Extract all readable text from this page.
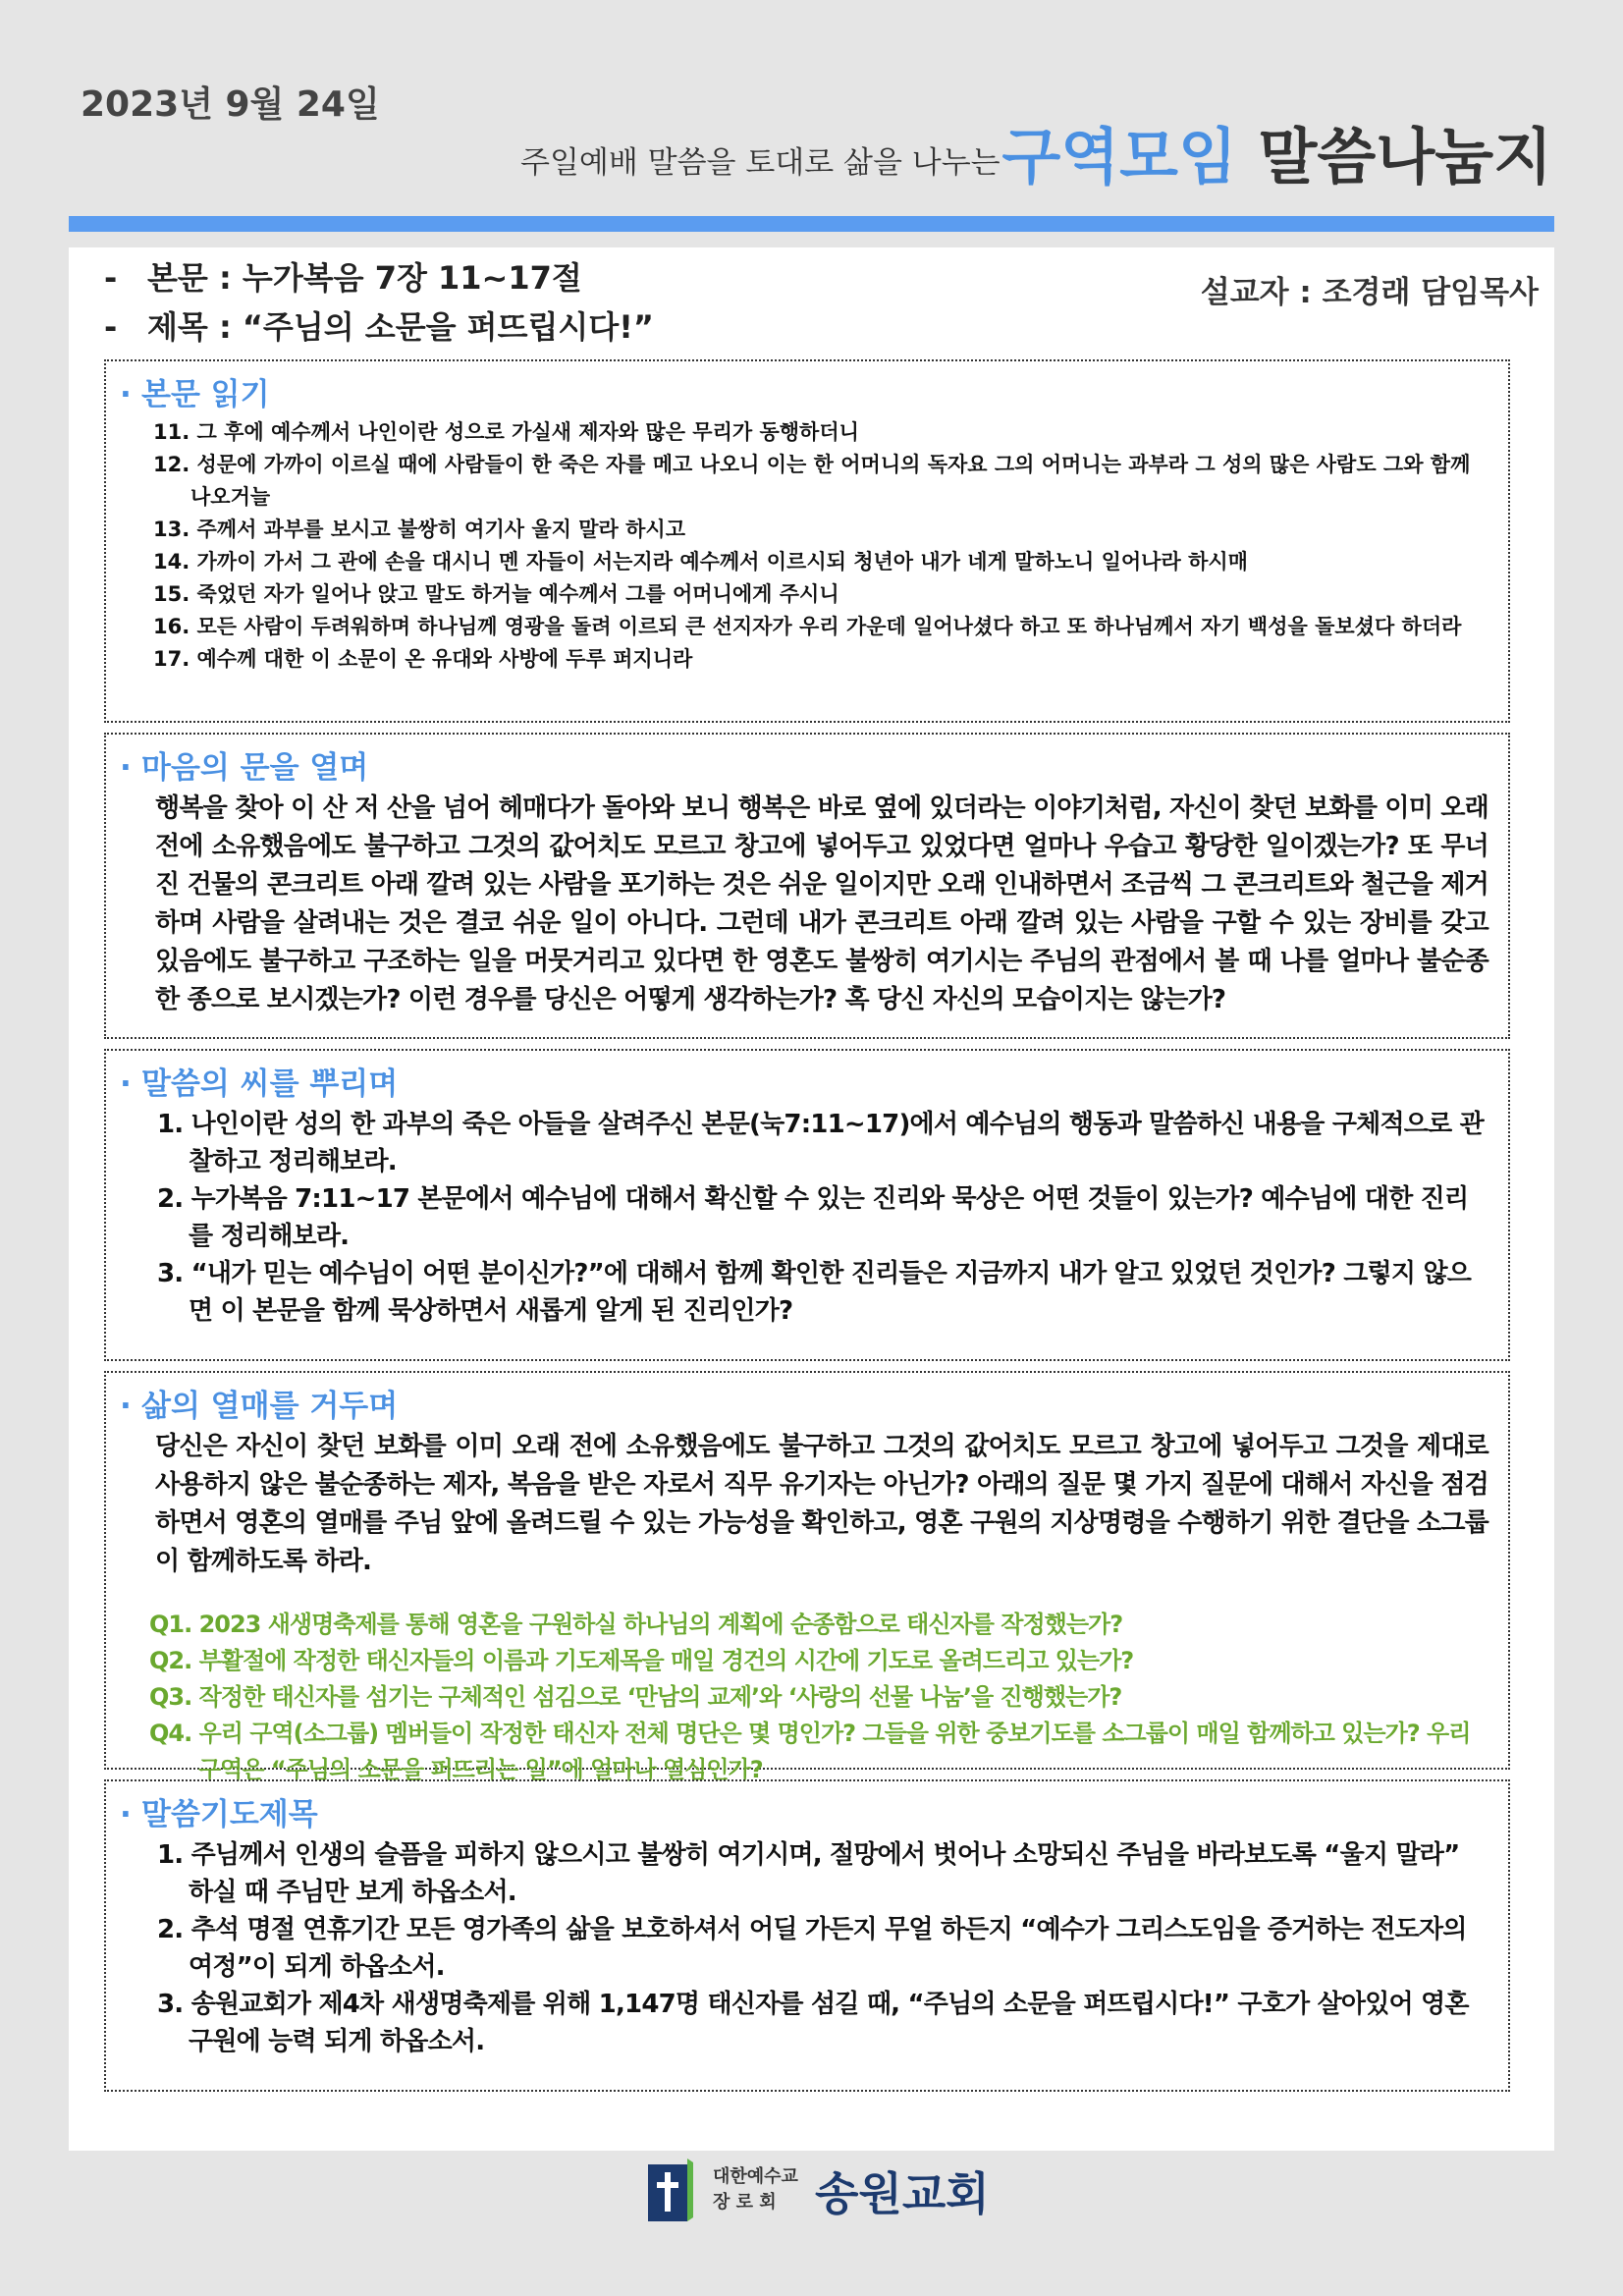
2023년 9월 24일
주일예배 말씀을 토대로 삶을 나누는 구역모임 말씀나눔지
- 본문 : 누가복음 7장 11~17절
- 제목 : “주님의 소문을 퍼뜨립시다!”
설교자 : 조경래 담임목사
· 본문 읽기
11. 그 후에 예수께서 나인이란 성으로 가실새 제자와 많은 무리가 동행하더니
12. 성문에 가까이 이르실 때에 사람들이 한 죽은 자를 메고 나오니 이는 한 어머니의 독자요 그의 어머니는 과부라 그 성의 많은 사람도 그와 함께 나오거늘
13. 주께서 과부를 보시고 불쌍히 여기사 울지 말라 하시고
14. 가까이 가서 그 관에 손을 대시니 멘 자들이 서는지라 예수께서 이르시되 청년아 내가 네게 말하노니 일어나라 하시매
15. 죽었던 자가 일어나 앉고 말도 하거늘 예수께서 그를 어머니에게 주시니
16. 모든 사람이 두려워하며 하나님께 영광을 돌려 이르되 큰 선지자가 우리 가운데 일어나셨다 하고 또 하나님께서 자기 백성을 돌보셨다 하더라
17. 예수께 대한 이 소문이 온 유대와 사방에 두루 퍼지니라
· 마음의 문을 열며
행복을 찾아 이 산 저 산을 넘어 헤매다가 돌아와 보니 행복은 바로 옆에 있더라는 이야기처럼, 자신이 찾던 보화를 이미 오래 전에 소유했음에도 불구하고 그것의 값어치도 모르고 창고에 넣어두고 있었다면 얼마나 우습고 황당한 일이겠는가? 또 무너진 건물의 콘크리트 아래 깔려 있는 사람을 포기하는 것은 쉬운 일이지만 오래 인내하면서 조금씩 그 콘크리트와 철근을 제거하며 사람을 살려내는 것은 결코 쉬운 일이 아니다. 그런데 내가 콘크리트 아래 깔려 있는 사람을 구할 수 있는 장비를 갖고 있음에도 불구하고 구조하는 일을 머뭇거리고 있다면 한 영혼도 불쌍히 여기시는 주님의 관점에서 볼 때 나를 얼마나 불순종한 종으로 보시겠는가? 이런 경우를 당신은 어떻게 생각하는가? 혹 당신 자신의 모습이지는 않는가?
· 말씀의 씨를 뿌리며
1. 나인이란 성의 한 과부의 죽은 아들을 살려주신 본문(눅7:11~17)에서 예수님의 행동과 말씀하신 내용을 구체적으로 관찰하고 정리해보라.
2. 누가복음 7:11~17 본문에서 예수님에 대해서 확신할 수 있는 진리와 묵상은 어떤 것들이 있는가? 예수님에 대한 진리를 정리해보라.
3. “내가 믿는 예수님이 어떤 분이신가?”에 대해서 함께 확인한 진리들은 지금까지 내가 알고 있었던 것인가? 그렇지 않으면 이 본문을 함께 묵상하면서 새롭게 알게 된 진리인가?
· 삶의 열매를 거두며
당신은 자신이 찾던 보화를 이미 오래 전에 소유했음에도 불구하고 그것의 값어치도 모르고 창고에 넣어두고 그것을 제대로 사용하지 않은 불순종하는 제자, 복음을 받은 자로서 직무 유기자는 아닌가? 아래의 질문 몇 가지 질문에 대해서 자신을 점검하면서 영혼의 열매를 주님 앞에 올려드릴 수 있는 가능성을 확인하고, 영혼 구원의 지상명령을 수행하기 위한 결단을 소그룹이 함께하도록 하라.
Q1. 2023 새생명축제를 통해 영혼을 구원하실 하나님의 계획에 순종함으로 태신자를 작정했는가?
Q2. 부활절에 작정한 태신자들의 이름과 기도제목을 매일 경건의 시간에 기도로 올려드리고 있는가?
Q3. 작정한 태신자를 섬기는 구체적인 섬김으로 ‘만남의 교제’와 ‘사랑의 선물 나눔’을 진행했는가?
Q4. 우리 구역(소그룹) 멤버들이 작정한 태신자 전체 명단은 몇 명인가? 그들을 위한 중보기도를 소그룹이 매일 함께하고 있는가? 우리 구역은 “주님의 소문을 퍼뜨리는 일”에 얼마나 열심인가?
· 말씀기도제목
1. 주님께서 인생의 슬픔을 피하지 않으시고 불쌍히 여기시며, 절망에서 벗어나 소망되신 주님을 바라보도록 “울지 말라” 하실 때 주님만 보게 하옵소서.
2. 추석 명절 연휴기간 모든 영가족의 삶을 보호하셔서 어딜 가든지 무얼 하든지 “예수가 그리스도임을 증거하는 전도자의 여정”이 되게 하옵소서.
3. 송원교회가 제4차 새생명축제를 위해 1,147명 태신자를 섬길 때, “주님의 소문을 퍼뜨립시다!” 구호가 살아있어 영혼 구원에 능력 되게 하옵소서.
대한예수교
장 로 회 송원교회
